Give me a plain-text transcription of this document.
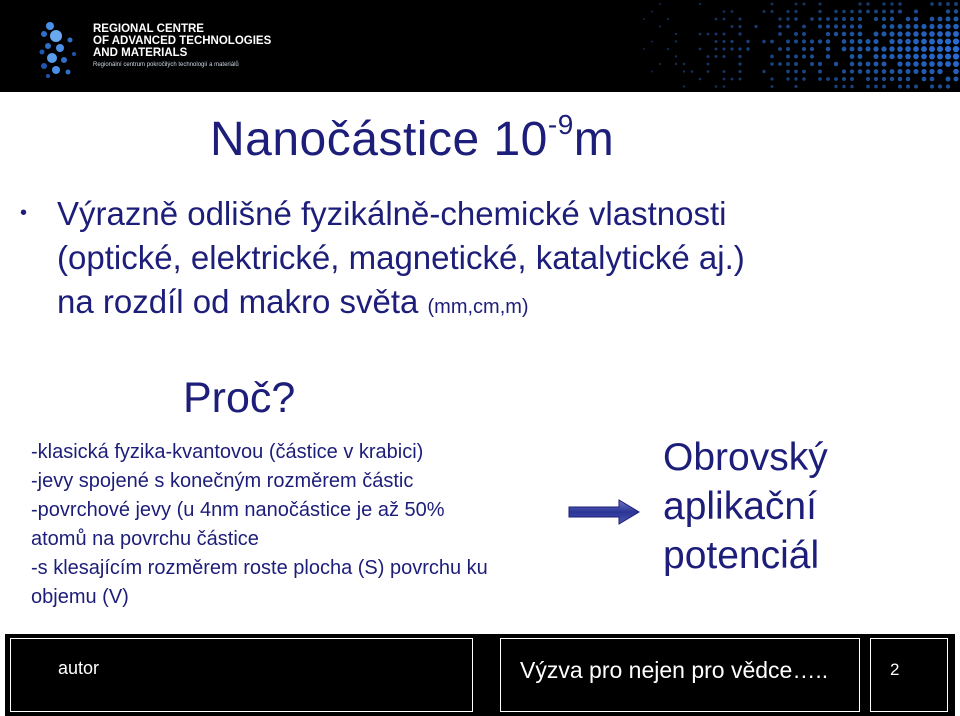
REGIONAL CENTRE
OF ADVANCED TECHNOLOGIES
AND MATERIALS
Regionální centrum pokročilých technologií a materiálů
Nanočástice $10^{-9}m$
• Výrazně odlišné fyzikálně-chemické vlastnosti
(optické, elektrické, magnetické, katalytické aj.)
na rozdíl od makro světa (mm,cm,m)
Proč?
-klasická fyzika-kvantovou (částice v krabici)
-jevy spojené s konečným rozměrem částic
-povrchové jevy (u 4nm nanočástice je až 50%
atomů na povrchu částice
-s klesajícím rozměrem roste plocha (S) povrchu ku
objemu (V)
Obrovský
aplikační
potenciál
autor	Výzva pro nejen pro vědce…..	2
